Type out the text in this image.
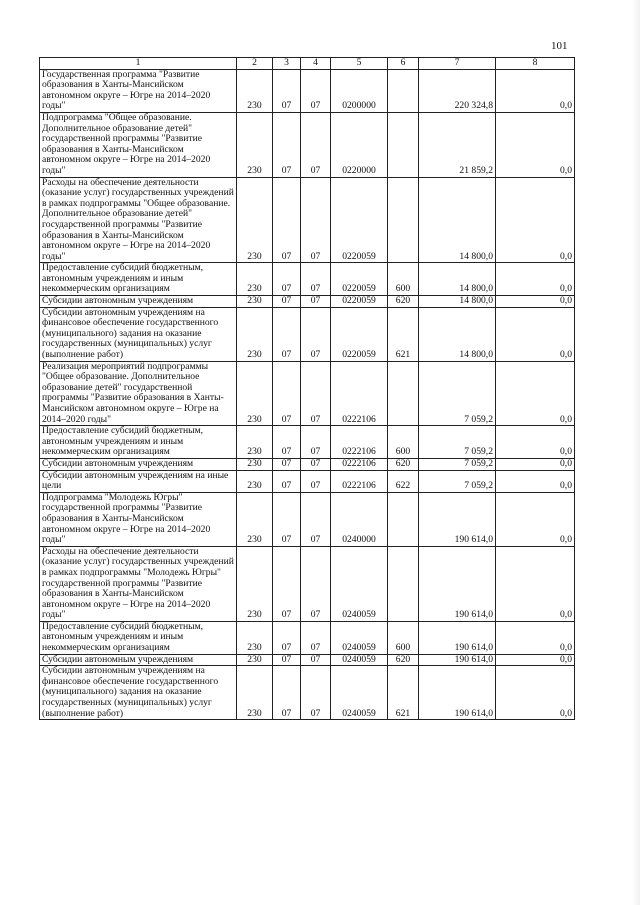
101
1	2	3	4	5	6	7	8
Государственная программа "Развитие образования в Ханты-Мансийском автономном округе – Югре на 2014–2020 годы"	230	07	07	0200000		220 324,8	0,0
Подпрограмма "Общее образование. Дополнительное образование детей" государственной программы "Развитие образования в Ханты-Мансийском автономном округе – Югре на 2014–2020 годы"	230	07	07	0220000		21 859,2	0,0
Расходы на обеспечение деятельности (оказание услуг) государственных учреждений в рамках подпрограммы "Общее образование. Дополнительное образование детей" государственной программы "Развитие образования в Ханты-Мансийском автономном округе – Югре на 2014–2020 годы"	230	07	07	0220059		14 800,0	0,0
Предоставление субсидий бюджетным, автономным учреждениям и иным некоммерческим организациям	230	07	07	0220059	600	14 800,0	0,0
Субсидии автономным учреждениям	230	07	07	0220059	620	14 800,0	0,0
Субсидии автономным учреждениям на финансовое обеспечение государственного (муниципального) задания на оказание государственных (муниципальных) услуг (выполнение работ)	230	07	07	0220059	621	14 800,0	0,0
Реализация мероприятий подпрограммы "Общее образование. Дополнительное образование детей" государственной программы "Развитие образования в Ханты-Мансийском автономном округе – Югре на 2014–2020 годы"	230	07	07	0222106		7 059,2	0,0
Предоставление субсидий бюджетным, автономным учреждениям и иным некоммерческим организациям	230	07	07	0222106	600	7 059,2	0,0
Субсидии автономным учреждениям	230	07	07	0222106	620	7 059,2	0,0
Субсидии автономным учреждениям на иные цели	230	07	07	0222106	622	7 059,2	0,0
Подпрограмма "Молодежь Югры" государственной программы "Развитие образования в Ханты-Мансийском автономном округе – Югре на 2014–2020 годы"	230	07	07	0240000		190 614,0	0,0
Расходы на обеспечение деятельности (оказание услуг) государственных учреждений в рамках подпрограммы "Молодежь Югры" государственной программы "Развитие образования в Ханты-Мансийском автономном округе – Югре на 2014–2020 годы"	230	07	07	0240059		190 614,0	0,0
Предоставление субсидий бюджетным, автономным учреждениям и иным некоммерческим организациям	230	07	07	0240059	600	190 614,0	0,0
Субсидии автономным учреждениям	230	07	07	0240059	620	190 614,0	0,0
Субсидии автономным учреждениям на финансовое обеспечение государственного (муниципального) задания на оказание государственных (муниципальных) услуг (выполнение работ)	230	07	07	0240059	621	190 614,0	0,0
